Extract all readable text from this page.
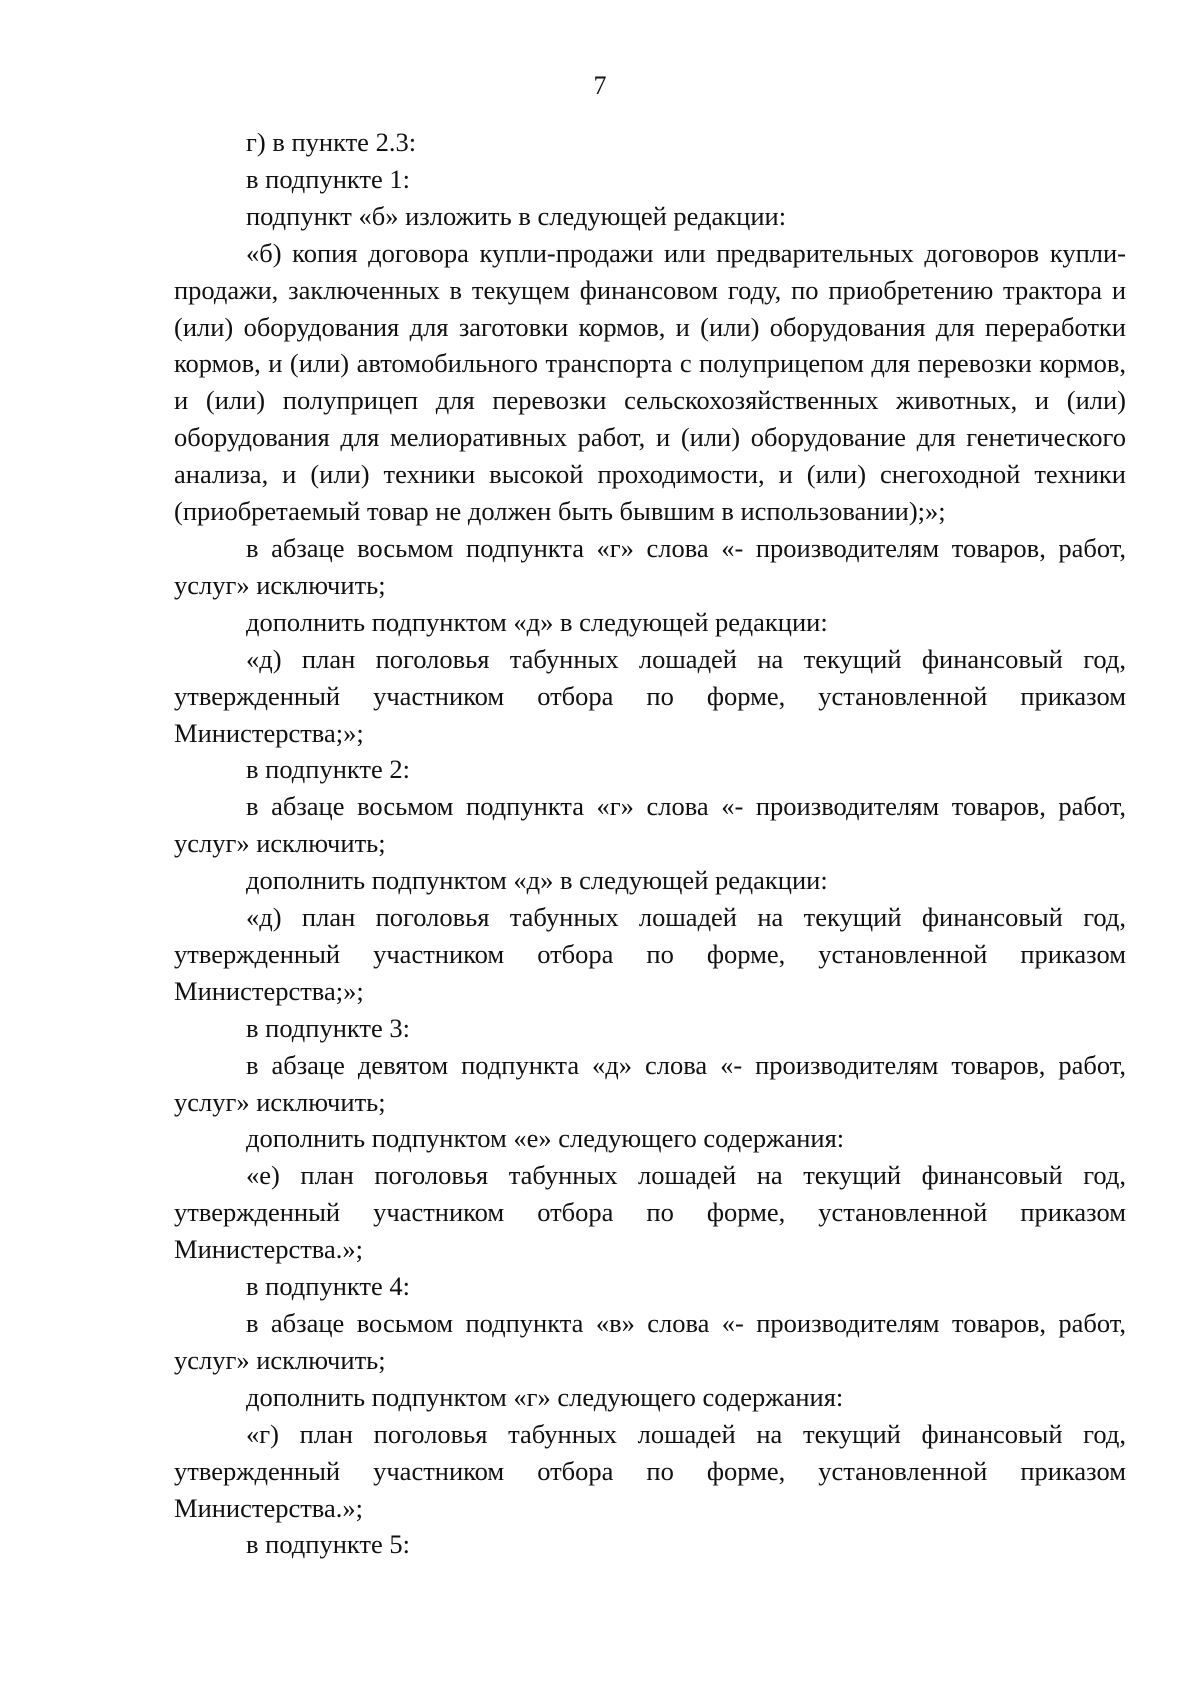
7

г) в пункте 2.3:

в подпункте 1:

подпункт «б» изложить в следующей редакции:

«б) копия договора купли-продажи или предварительных договоров купли-продажи, заключенных в текущем финансовом году, по приобретению трактора и (или) оборудования для заготовки кормов, и (или) оборудования для переработки кормов, и (или) автомобильного транспорта с полуприцепом для перевозки кормов, и (или) полуприцеп для перевозки сельскохозяйственных животных, и (или) оборудования для мелиоративных работ, и (или) оборудование для генетического анализа, и (или) техники высокой проходимости, и (или) снегоходной техники (приобретаемый товар не должен быть бывшим в использовании);»;

в абзаце восьмом подпункта «г» слова «- производителям товаров, работ, услуг» исключить;

дополнить подпунктом «д» в следующей редакции:

«д) план поголовья табунных лошадей на текущий финансовый год, утвержденный участником отбора по форме, установленной приказом Министерства;»;

в подпункте 2:

в абзаце восьмом подпункта «г» слова «- производителям товаров, работ, услуг» исключить;

дополнить подпунктом «д» в следующей редакции:

«д) план поголовья табунных лошадей на текущий финансовый год, утвержденный участником отбора по форме, установленной приказом Министерства;»;

в подпункте 3:

в абзаце девятом подпункта «д» слова «- производителям товаров, работ, услуг» исключить;

дополнить подпунктом «е» следующего содержания:

«е) план поголовья табунных лошадей на текущий финансовый год, утвержденный участником отбора по форме, установленной приказом Министерства.»;

в подпункте 4:

в абзаце восьмом подпункта «в» слова «- производителям товаров, работ, услуг» исключить;

дополнить подпунктом «г» следующего содержания:

«г) план поголовья табунных лошадей на текущий финансовый год, утвержденный участником отбора по форме, установленной приказом Министерства.»;

в подпункте 5:
